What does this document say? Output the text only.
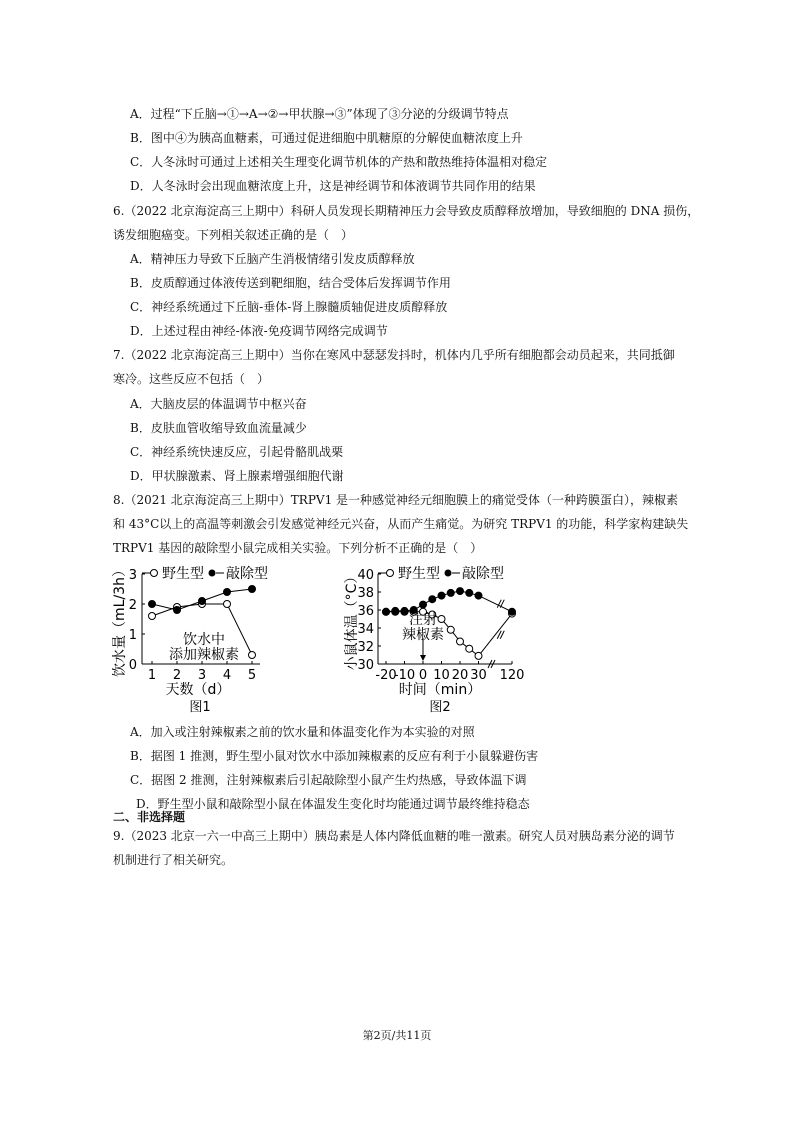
A．过程“下丘脑→①→A→②→甲状腺→③”体现了③分泌的分级调节特点
B．图中④为胰高血糖素，可通过促进细胞中肌糖原的分解使血糖浓度上升
C．人冬泳时可通过上述相关生理变化调节机体的产热和散热维持体温相对稳定
D．人冬泳时会出现血糖浓度上升，这是神经调节和体液调节共同作用的结果
6.（2022 北京海淀高三上期中）科研人员发现长期精神压力会导致皮质醇释放增加，导致细胞的 DNA 损伤，
诱发细胞癌变。下列相关叙述正确的是（　）
A．精神压力导致下丘脑产生消极情绪引发皮质醇释放
B．皮质醇通过体液传送到靶细胞，结合受体后发挥调节作用
C．神经系统通过下丘脑-垂体-肾上腺髓质轴促进皮质醇释放
D．上述过程由神经-体液-免疫调节网络完成调节
7.（2022 北京海淀高三上期中）当你在寒风中瑟瑟发抖时，机体内几乎所有细胞都会动员起来，共同抵御
寒冷。这些反应不包括（　）
A．大脑皮层的体温调节中枢兴奋
B．皮肤血管收缩导致血流量减少
C．神经系统快速反应，引起骨骼肌战栗
D．甲状腺激素、肾上腺素增强细胞代谢
8.（2021 北京海淀高三上期中）TRPV1 是一种感觉神经元细胞膜上的痛觉受体（一种跨膜蛋白），辣椒素
和 43°C以上的高温等刺激会引发感觉神经元兴奋，从而产生痛觉。为研究 TRPV1 的功能，科学家构建缺失
TRPV1 基因的敲除型小鼠完成相关实验。下列分析不正确的是（　）
野生型 敲除型
0
1
2
3
1 2 3 4 5
饮水中
添加辣椒素
饮水量（mL/3h）
天数（d）
图1
野生型 敲除型
30
32
34
36
38
40
-20
-10 0 10 20 30 120
注射
辣椒素
小鼠体温（°C）
时间（min）
图2
A．加入或注射辣椒素之前的饮水量和体温变化作为本实验的对照
B．据图 1 推测，野生型小鼠对饮水中添加辣椒素的反应有利于小鼠躲避伤害
C．据图 2 推测，注射辣椒素后引起敲除型小鼠产生灼热感，导致体温下调
D．野生型小鼠和敲除型小鼠在体温发生变化时均能通过调节最终维持稳态
二、非选择题
9.（2023 北京一六一中高三上期中）胰岛素是人体内降低血糖的唯一激素。研究人员对胰岛素分泌的调节
机制进行了相关研究。
第2页/共11页
